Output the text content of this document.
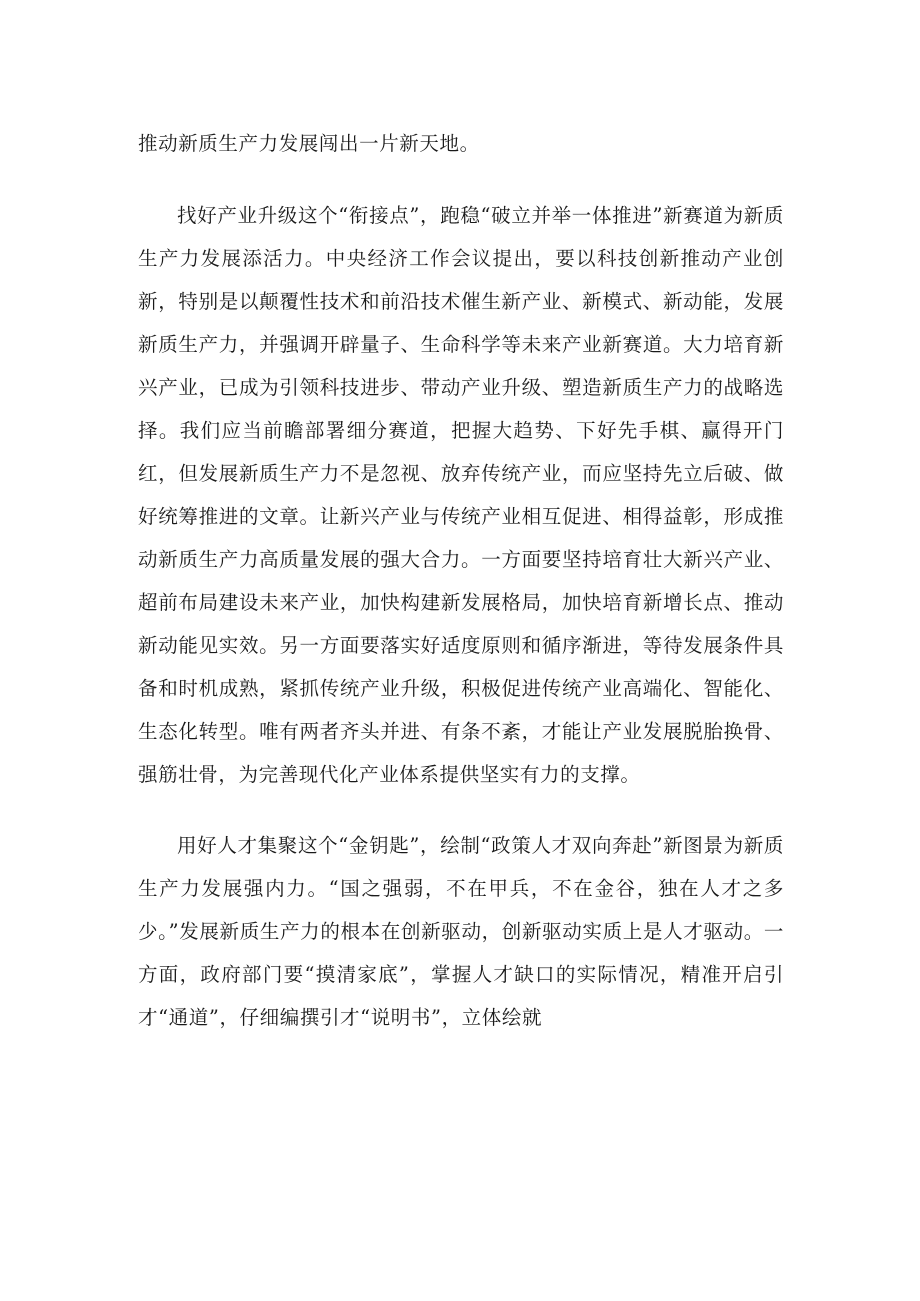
推动新质生产力发展闯出一片新天地。

找好产业升级这个“衔接点”，跑稳“破立并举一体推进”新赛道为新质生产力发展添活力。中央经济工作会议提出，要以科技创新推动产业创新，特别是以颠覆性技术和前沿技术催生新产业、新模式、新动能，发展新质生产力，并强调开辟量子、生命科学等未来产业新赛道。大力培育新兴产业，已成为引领科技进步、带动产业升级、塑造新质生产力的战略选择。我们应当前瞻部署细分赛道，把握大趋势、下好先手棋、赢得开门红，但发展新质生产力不是忽视、放弃传统产业，而应坚持先立后破、做好统筹推进的文章。让新兴产业与传统产业相互促进、相得益彰，形成推动新质生产力高质量发展的强大合力。一方面要坚持培育壮大新兴产业、超前布局建设未来产业，加快构建新发展格局，加快培育新增长点、推动新动能见实效。另一方面要落实好适度原则和循序渐进，等待发展条件具备和时机成熟，紧抓传统产业升级，积极促进传统产业高端化、智能化、生态化转型。唯有两者齐头并进、有条不紊，才能让产业发展脱胎换骨、强筋壮骨，为完善现代化产业体系提供坚实有力的支撑。

用好人才集聚这个“金钥匙”，绘制“政策人才双向奔赴”新图景为新质生产力发展强内力。“国之强弱，不在甲兵，不在金谷，独在人才之多少。”发展新质生产力的根本在创新驱动，创新驱动实质上是人才驱动。一方面，政府部门要“摸清家底”，掌握人才缺口的实际情况，精准开启引才“通道”，仔细编撰引才“说明书”，立体绘就
